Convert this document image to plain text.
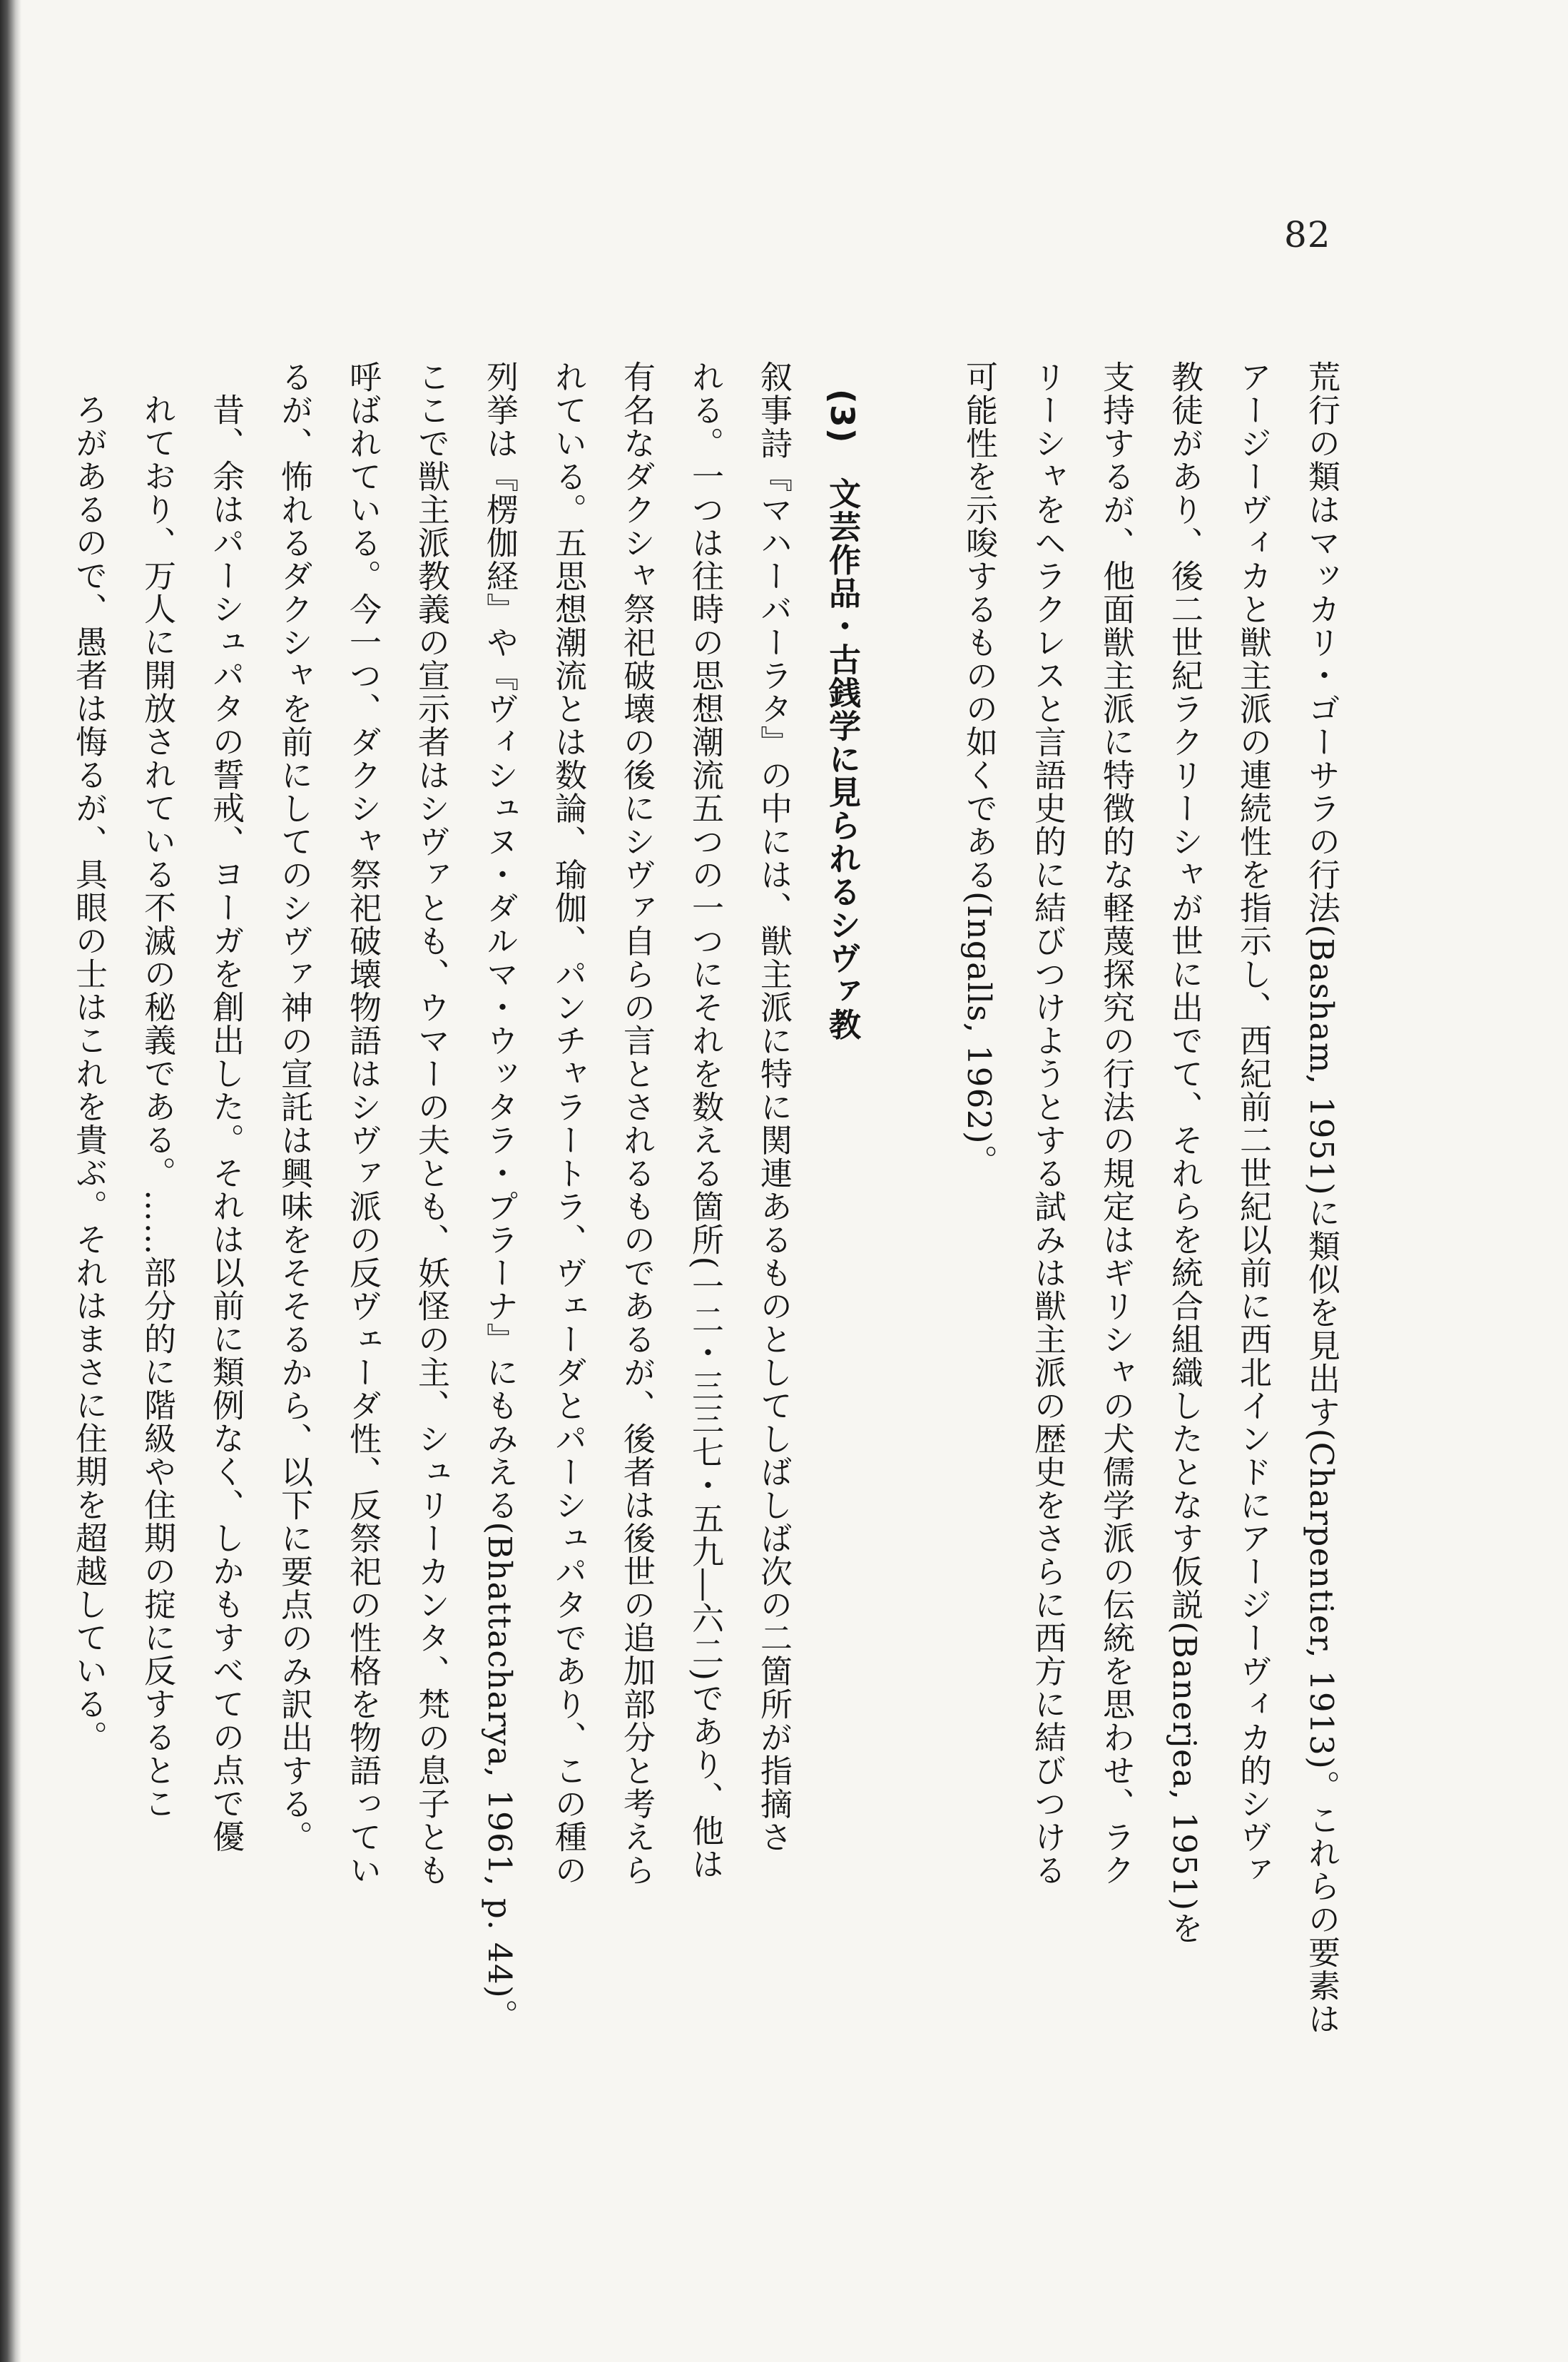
82
荒行の類はマッカリ・ゴーサラの行法(Basham, 1951)に類似を見出す(Charpentier, 1913)。これらの要素は
アージーヴィカと獣主派の連続性を指示し、西紀前二世紀以前に西北インドにアージーヴィカ的シヴァ
教徒があり、後二世紀ラクリーシャが世に出でて、それらを統合組織したとなす仮説(Banerjea, 1951)を
支持するが、他面獣主派に特徴的な軽蔑探究の行法の規定はギリシャの犬儒学派の伝統を思わせ、ラク
リーシャをヘラクレスと言語史的に結びつけようとする試みは獣主派の歴史をさらに西方に結びつける
可能性を示唆するものの如くである(Ingalls, 1962)。
(3)　文芸作品・古銭学に見られるシヴァ教
叙事詩『マハーバーラタ』の中には、獣主派に特に関連あるものとしてしばしば次の二箇所が指摘さ
れる。一つは往時の思想潮流五つの一つにそれを数える箇所(一二・三三七・五九―六二)であり、他は
有名なダクシャ祭祀破壊の後にシヴァ自らの言とされるものであるが、後者は後世の追加部分と考えら
れている。五思想潮流とは数論、瑜伽、パンチャラートラ、ヴェーダとパーシュパタであり、この種の
列挙は『楞伽経』や『ヴィシュヌ・ダルマ・ウッタラ・プラーナ』にもみえる(Bhattacharya, 1961, p. 44)。
ここで獣主派教義の宣示者はシヴァとも、ウマーの夫とも、妖怪の主、シュリーカンタ、梵の息子とも
呼ばれている。今一つ、ダクシャ祭祀破壊物語はシヴァ派の反ヴェーダ性、反祭祀の性格を物語ってい
るが、怖れるダクシャを前にしてのシヴァ神の宣託は興味をそそるから、以下に要点のみ訳出する。
昔、余はパーシュパタの誓戒、ヨーガを創出した。それは以前に類例なく、しかもすべての点で優
れており、万人に開放されている不滅の秘義である。……部分的に階級や住期の掟に反するとこ
ろがあるので、愚者は悔るが、具眼の士はこれを貴ぶ。それはまさに住期を超越している。
